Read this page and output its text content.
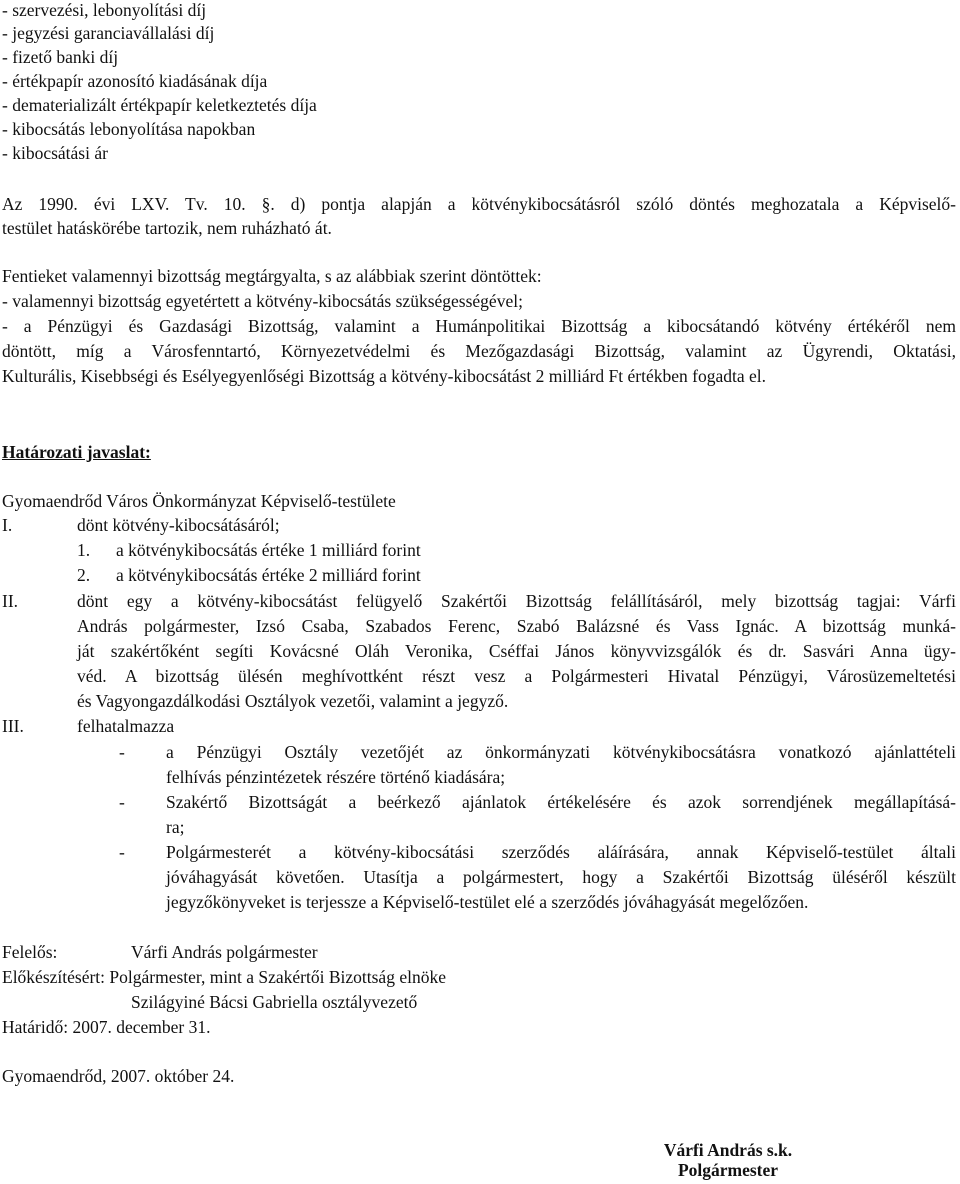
- szervezési, lebonyolítási díj
- jegyzési garanciavállalási díj
- fizető banki díj
- értékpapír azonosító kiadásának díja
- dematerializált értékpapír keletkeztetés díja
- kibocsátás lebonyolítása napokban
- kibocsátási ár
Az 1990. évi LXV. Tv. 10. §. d) pontja alapján a kötvénykibocsátásról szóló döntés meghozatala a Képviselő-
testület hatáskörébe tartozik, nem ruházható át.
Fentieket valamennyi bizottság megtárgyalta, s az alábbiak szerint döntöttek:
- valamennyi bizottság egyetértett a kötvény-kibocsátás szükségességével;
- a Pénzügyi és Gazdasági Bizottság, valamint a Humánpolitikai Bizottság a kibocsátandó kötvény értékéről nem
döntött, míg a Városfenntartó, Környezetvédelmi és Mezőgazdasági Bizottság, valamint az Ügyrendi, Oktatási,
Kulturális, Kisebbségi és Esélyegyenlőségi Bizottság a kötvény-kibocsátást 2 milliárd Ft értékben fogadta el.
Határozati javaslat:
Gyomaendrőd Város Önkormányzat Képviselő-testülete
I.	dönt kötvény-kibocsátásáról;
1. a kötvénykibocsátás értéke 1 milliárd forint
2. a kötvénykibocsátás értéke 2 milliárd forint
II.	dönt egy a kötvény-kibocsátást felügyelő Szakértői Bizottság felállításáról, mely bizottság tagjai: Várfi
András polgármester, Izsó Csaba, Szabados Ferenc, Szabó Balázsné és Vass Ignác. A bizottság munká-
ját szakértőként segíti Kovácsné Oláh Veronika, Cséffai János könyvvizsgálók és dr. Sasvári Anna ügy-
véd. A bizottság ülésén meghívottként részt vesz a Polgármesteri Hivatal Pénzügyi, Városüzemeltetési
és Vagyongazdálkodási Osztályok vezetői, valamint a jegyző.
III.	felhatalmazza
- a Pénzügyi Osztály vezetőjét az önkormányzati kötvénykibocsátásra vonatkozó ajánlattételi
felhívás pénzintézetek részére történő kiadására;
- Szakértő Bizottságát a beérkező ajánlatok értékelésére és azok sorrendjének megállapításá-
ra;
- Polgármesterét a kötvény-kibocsátási szerződés aláírására, annak Képviselő-testület általi
jóváhagyását követően. Utasítja a polgármestert, hogy a Szakértői Bizottság üléséről készült
jegyzőkönyveket is terjessze a Képviselő-testület elé a szerződés jóváhagyását megelőzően.
Felelős:	Várfi András polgármester
Előkészítésért: Polgármester, mint a Szakértői Bizottság elnöke
Szilágyiné Bácsi Gabriella osztályvezető
Határidő: 2007. december 31.
Gyomaendrőd, 2007. október 24.
Várfi András s.k.
Polgármester
